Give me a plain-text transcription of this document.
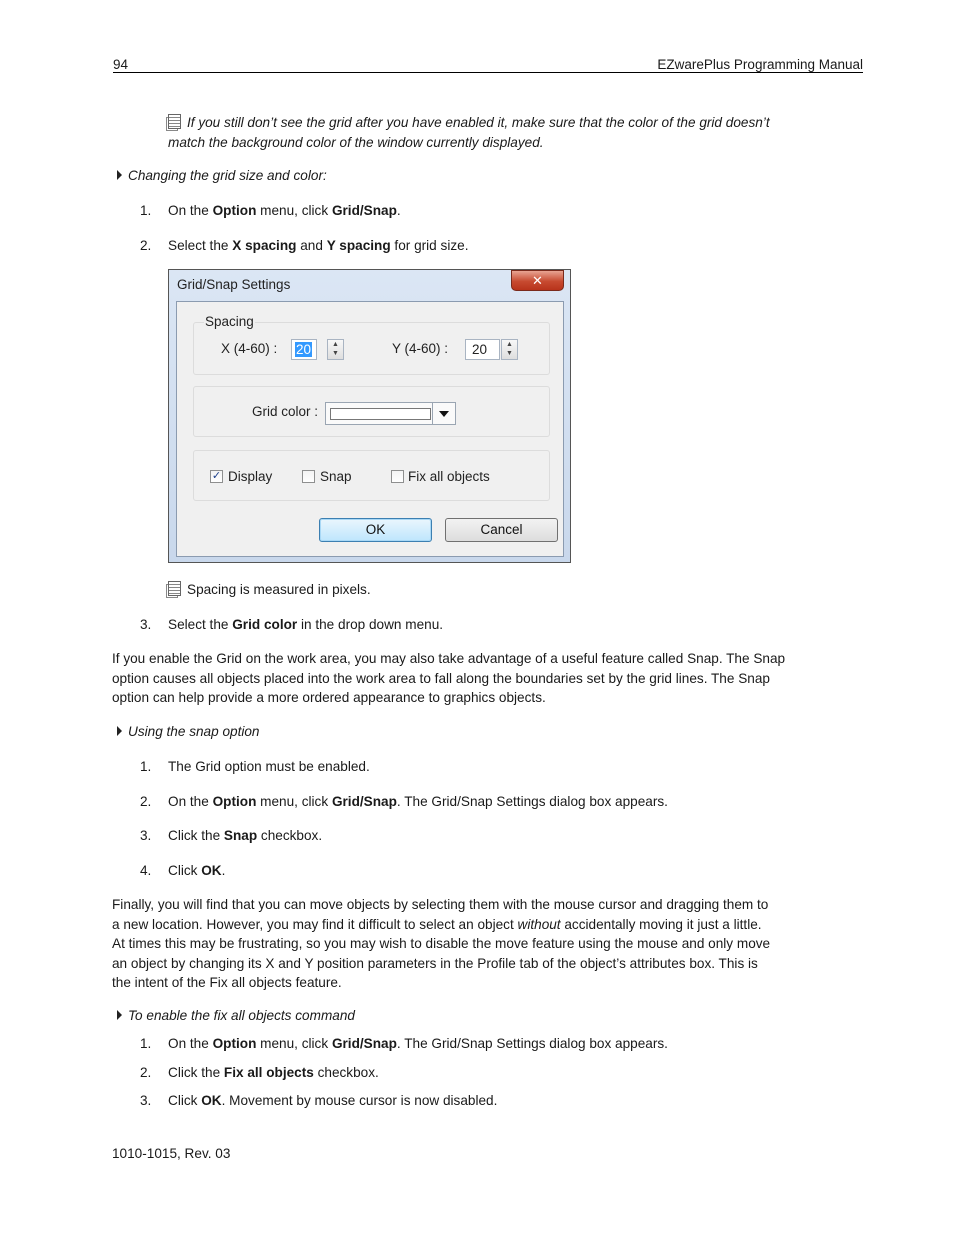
94	EZwarePlus Programming Manual
If you still don’t see the grid after you have enabled it, make sure that the color of the grid doesn’t
match the background color of the window currently displayed.
Changing the grid size and color:
1. On the Option menu, click Grid/Snap.
2. Select the X spacing and Y spacing for grid size.
Grid/Snap Settings	✕
Spacing
X (4-60) : 20	▲
▼	Y (4-60) : 20	▲
▼
Grid color :
✓ Display	Snap	Fix all objects
OK	Cancel
Spacing is measured in pixels.
3. Select the Grid color in the drop down menu.
If you enable the Grid on the work area, you may also take advantage of a useful feature called Snap. The Snap
option causes all objects placed into the work area to fall along the boundaries set by the grid lines. The Snap
option can help provide a more ordered appearance to graphics objects.
Using the snap option
1. The Grid option must be enabled.
2. On the Option menu, click Grid/Snap. The Grid/Snap Settings dialog box appears.
3. Click the Snap checkbox.
4. Click OK.
Finally, you will find that you can move objects by selecting them with the mouse cursor and dragging them to
a new location. However, you may find it difficult to select an object without accidentally moving it just a little.
At times this may be frustrating, so you may wish to disable the move feature using the mouse and only move
an object by changing its X and Y position parameters in the Profile tab of the object’s attributes box. This is
the intent of the Fix all objects feature.
To enable the fix all objects command
1. On the Option menu, click Grid/Snap. The Grid/Snap Settings dialog box appears.
2. Click the Fix all objects checkbox.
3. Click OK. Movement by mouse cursor is now disabled.
1010-1015, Rev. 03
